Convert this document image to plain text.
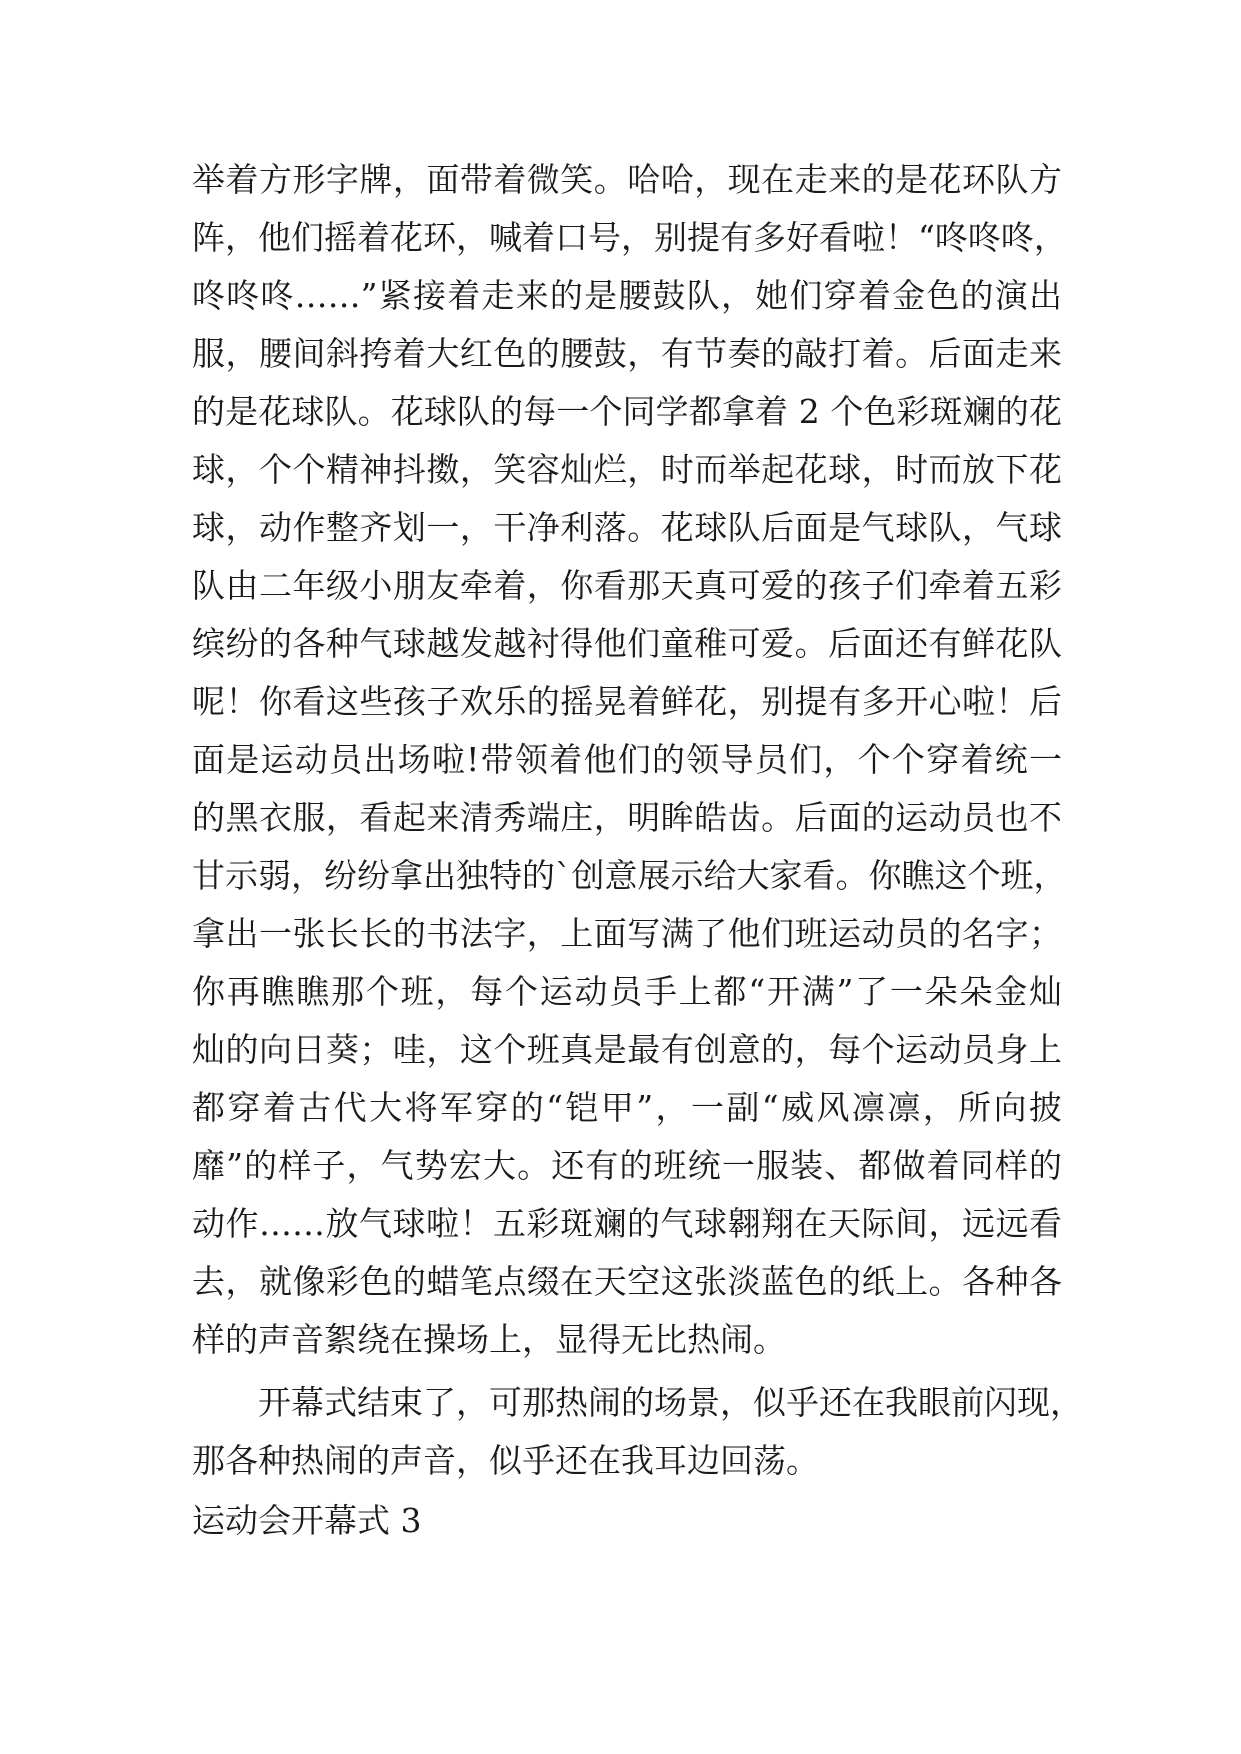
举着方形字牌，面带着微笑。哈哈，现在走来的是花环队方
阵，他们摇着花环，喊着口号，别提有多好看啦！“咚咚咚，
咚咚咚……”紧接着走来的是腰鼓队，她们穿着金色的演出
服，腰间斜挎着大红色的腰鼓，有节奏的敲打着。后面走来
的是花球队。花球队的每一个同学都拿着 2 个色彩斑斓的花
球，个个精神抖擞，笑容灿烂，时而举起花球，时而放下花
球，动作整齐划一，干净利落。花球队后面是气球队，气球
队由二年级小朋友牵着，你看那天真可爱的孩子们牵着五彩
缤纷的各种气球越发越衬得他们童稚可爱。后面还有鲜花队
呢！你看这些孩子欢乐的摇晃着鲜花，别提有多开心啦！后
面是运动员出场啦!带领着他们的领导员们，个个穿着统一
的黑衣服，看起来清秀端庄，明眸皓齿。后面的运动员也不
甘示弱，纷纷拿出独特的`创意展示给大家看。你瞧这个班，
拿出一张长长的书法字，上面写满了他们班运动员的名字；
你再瞧瞧那个班，每个运动员手上都“开满”了一朵朵金灿
灿的向日葵；哇，这个班真是最有创意的，每个运动员身上
都穿着古代大将军穿的“铠甲”，一副“威风凛凛，所向披
靡”的样子，气势宏大。还有的班统一服装、都做着同样的
动作……放气球啦！五彩斑斓的气球翱翔在天际间，远远看
去，就像彩色的蜡笔点缀在天空这张淡蓝色的纸上。各种各
样的声音絮绕在操场上，显得无比热闹。
开幕式结束了，可那热闹的场景，似乎还在我眼前闪现，
那各种热闹的声音，似乎还在我耳边回荡。
运动会开幕式 3
